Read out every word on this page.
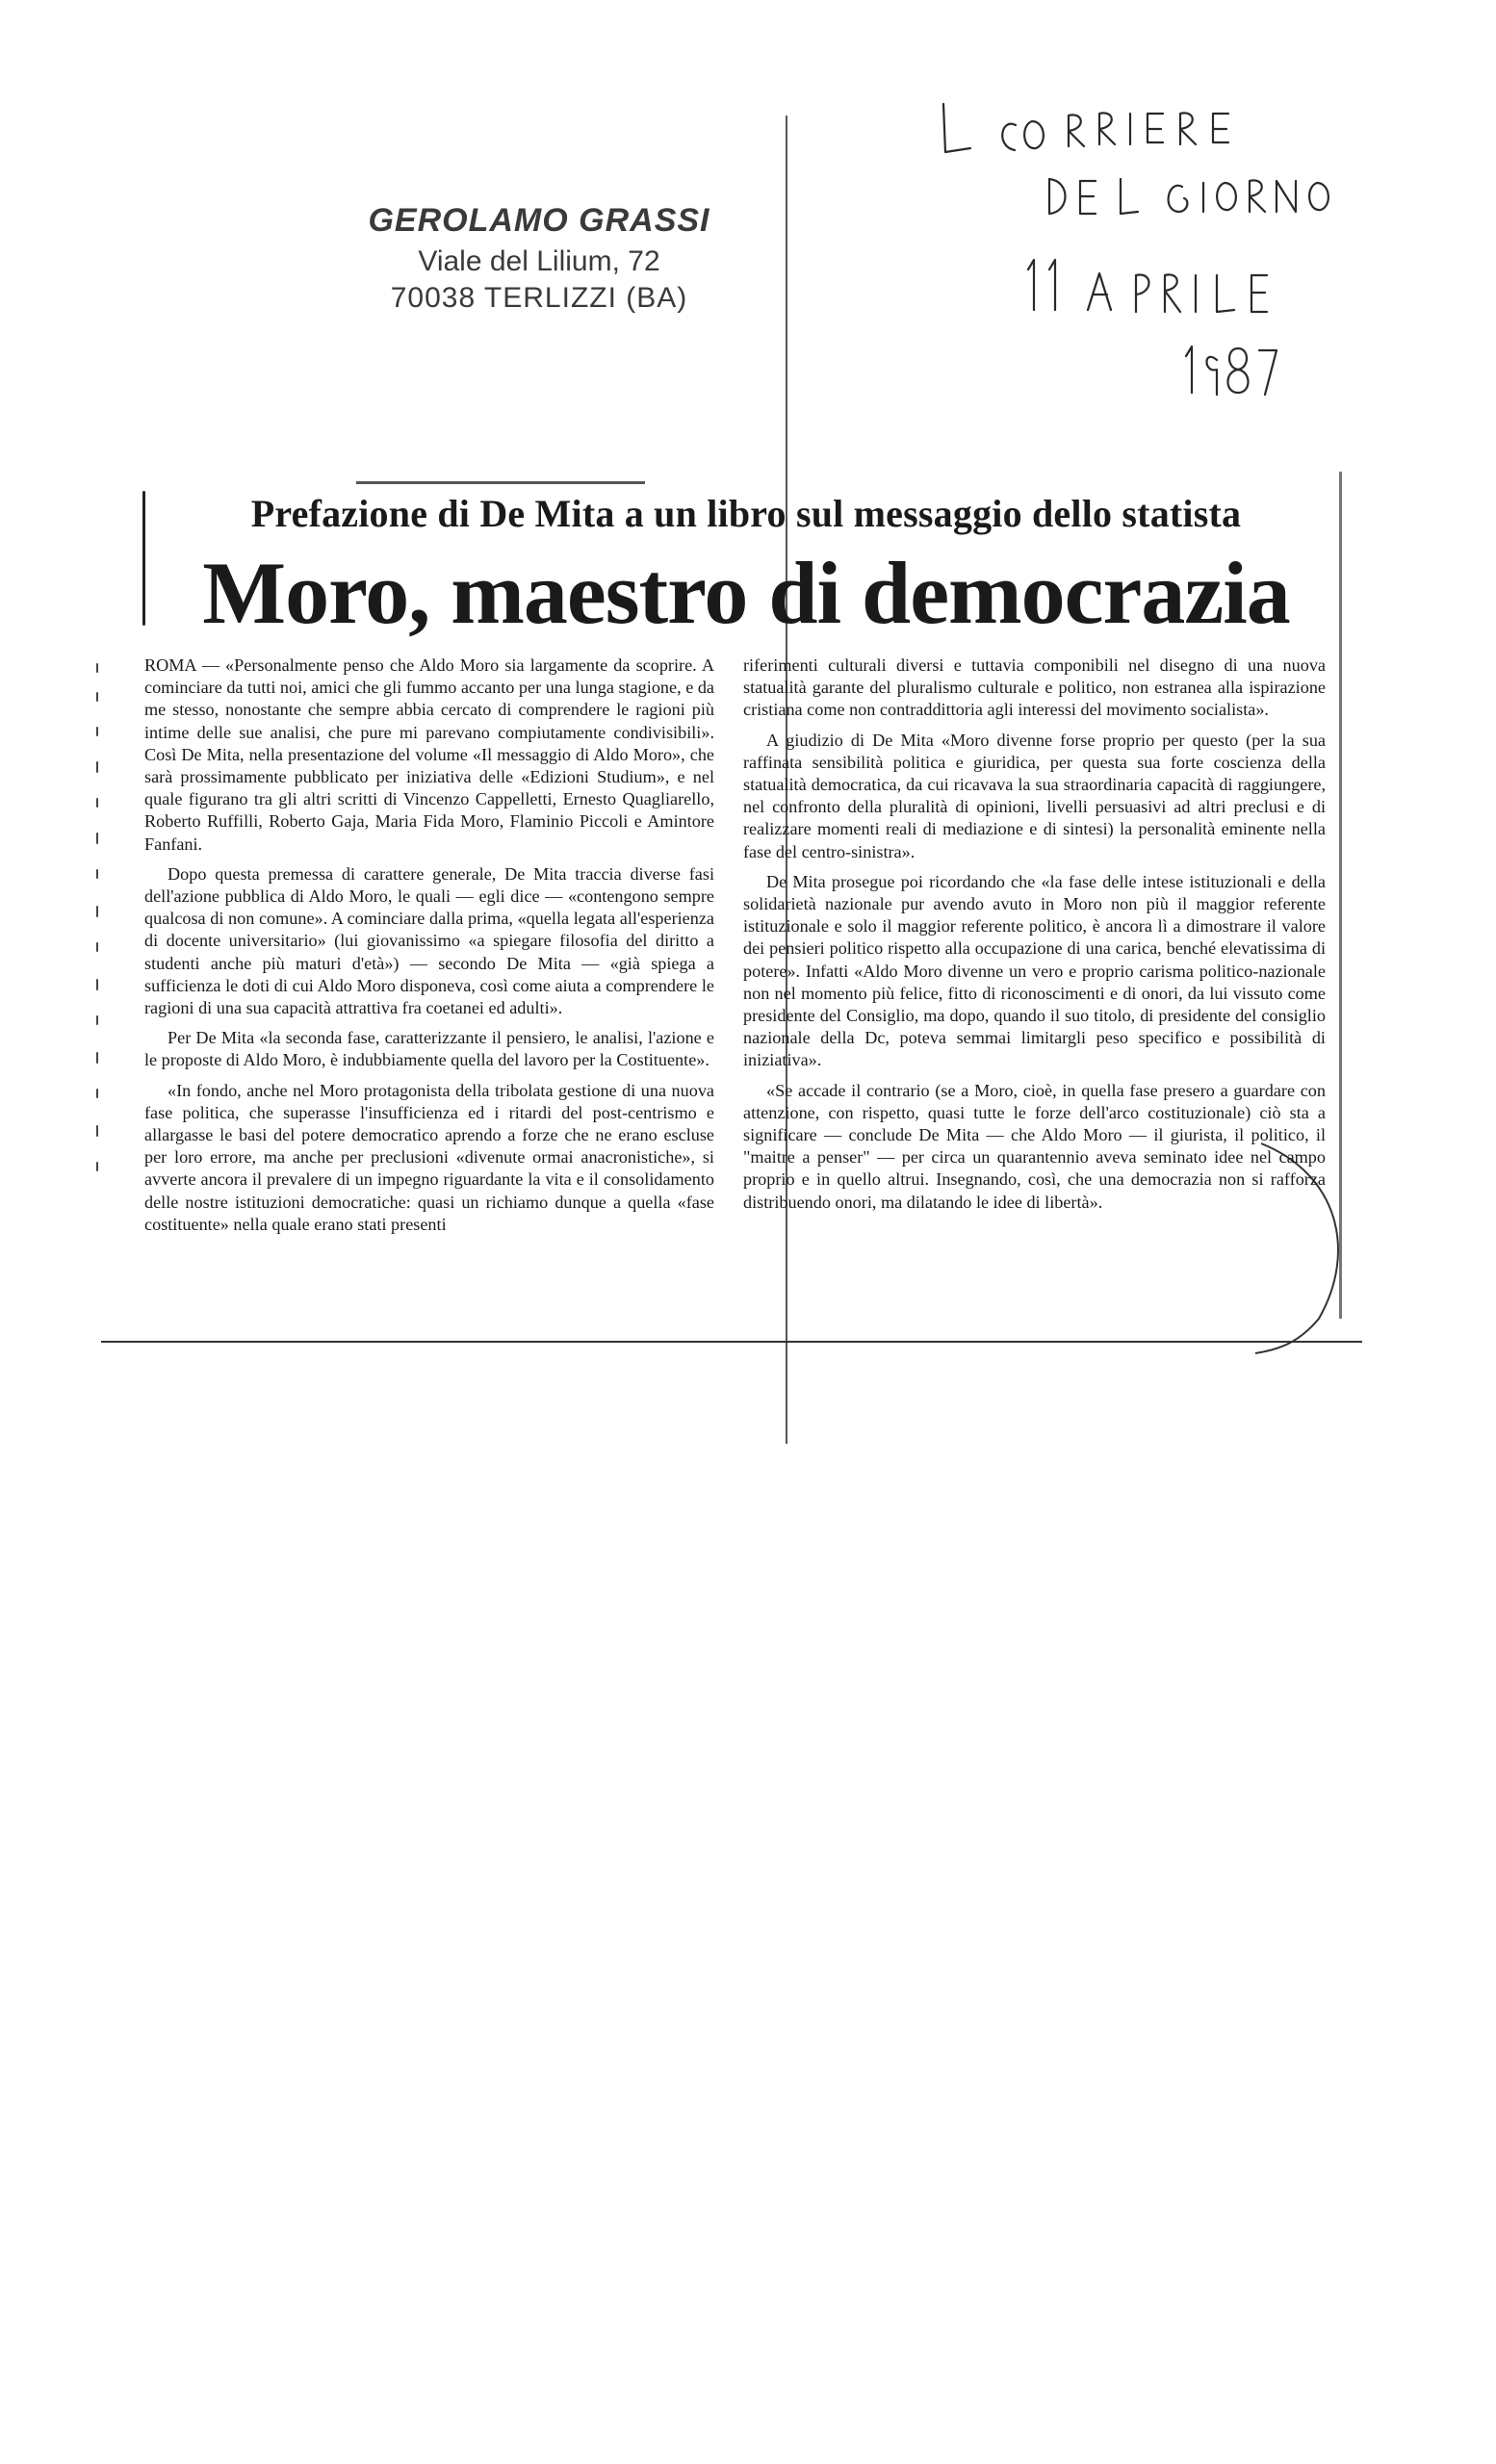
GEROLAMO GRASSI
Viale del Lilium, 72
70038 TERLIZZI (BA)
Prefazione di De Mita a un libro sul messaggio dello statista
Moro, maestro di democrazia

ROMA — «Personalmente penso che Aldo Moro sia largamente da scoprire. A cominciare da tutti noi, amici che gli fummo accanto per una lunga stagione, e da me stesso, nonostante che sempre abbia cercato di comprendere le ragioni più intime delle sue analisi, che pure mi parevano compiutamente condivisibili». Così De Mita, nella presentazione del volume «Il messaggio di Aldo Moro», che sarà prossimamente pubblicato per iniziativa delle «Edizioni Studium», e nel quale figurano tra gli altri scritti di Vincenzo Cappelletti, Ernesto Quagliarello, Roberto Ruffilli, Roberto Gaja, Maria Fida Moro, Flaminio Piccoli e Amintore Fanfani.

Dopo questa premessa di carattere generale, De Mita traccia diverse fasi dell'azione pubblica di Aldo Moro, le quali — egli dice — «contengono sempre qualcosa di non comune». A cominciare dalla prima, «quella legata all'esperienza di docente universitario» (lui giovanissimo «a spiegare filosofia del diritto a studenti anche più maturi d'età») — secondo De Mita — «già spiega a sufficienza le doti di cui Aldo Moro disponeva, così come aiuta a comprendere le ragioni di una sua capacità attrattiva fra coetanei ed adulti».

Per De Mita «la seconda fase, caratterizzante il pensiero, le analisi, l'azione e le proposte di Aldo Moro, è indubbiamente quella del lavoro per la Costituente».

«In fondo, anche nel Moro protagonista della tribolata gestione di una nuova fase politica, che superasse l'insufficienza ed i ritardi del post-centrismo e allargasse le basi del potere democratico aprendo a forze che ne erano escluse per loro errore, ma anche per preclusioni «divenute ormai anacronistiche», si avverte ancora il prevalere di un impegno riguardante la vita e il consolidamento delle nostre istituzioni democratiche: quasi un richiamo dunque a quella «fase costituente» nella quale erano stati presenti

riferimenti culturali diversi e tuttavia componibili nel disegno di una nuova statualità garante del pluralismo culturale e politico, non estranea alla ispirazione cristiana come non contraddittoria agli interessi del movimento socialista».

A giudizio di De Mita «Moro divenne forse proprio per questo (per la sua raffinata sensibilità politica e giuridica, per questa sua forte coscienza della statualità democratica, da cui ricavava la sua straordinaria capacità di raggiungere, nel confronto della pluralità di opinioni, livelli persuasivi ad altri preclusi e di realizzare momenti reali di mediazione e di sintesi) la personalità eminente nella fase del centro-sinistra».

De Mita prosegue poi ricordando che «la fase delle intese istituzionali e della solidarietà nazionale pur avendo avuto in Moro non più il maggior referente istituzionale e solo il maggior referente politico, è ancora lì a dimostrare il valore dei pensieri politico rispetto alla occupazione di una carica, benché elevatissima di potere». Infatti «Aldo Moro divenne un vero e proprio carisma politico-nazionale non nel momento più felice, fitto di riconoscimenti e di onori, da lui vissuto come presidente del Consiglio, ma dopo, quando il suo titolo, di presidente del consiglio nazionale della Dc, poteva semmai limitargli peso specifico e possibilità di iniziativa».

«Se accade il contrario (se a Moro, cioè, in quella fase presero a guardare con attenzione, con rispetto, quasi tutte le forze dell'arco costituzionale) ciò sta a significare — conclude De Mita — che Aldo Moro — il giurista, il politico, il "maitre a penser" — per circa un quarantennio aveva seminato idee nel campo proprio e in quello altrui. Insegnando, così, che una democrazia non si rafforza distribuendo onori, ma dilatando le idee di libertà».
